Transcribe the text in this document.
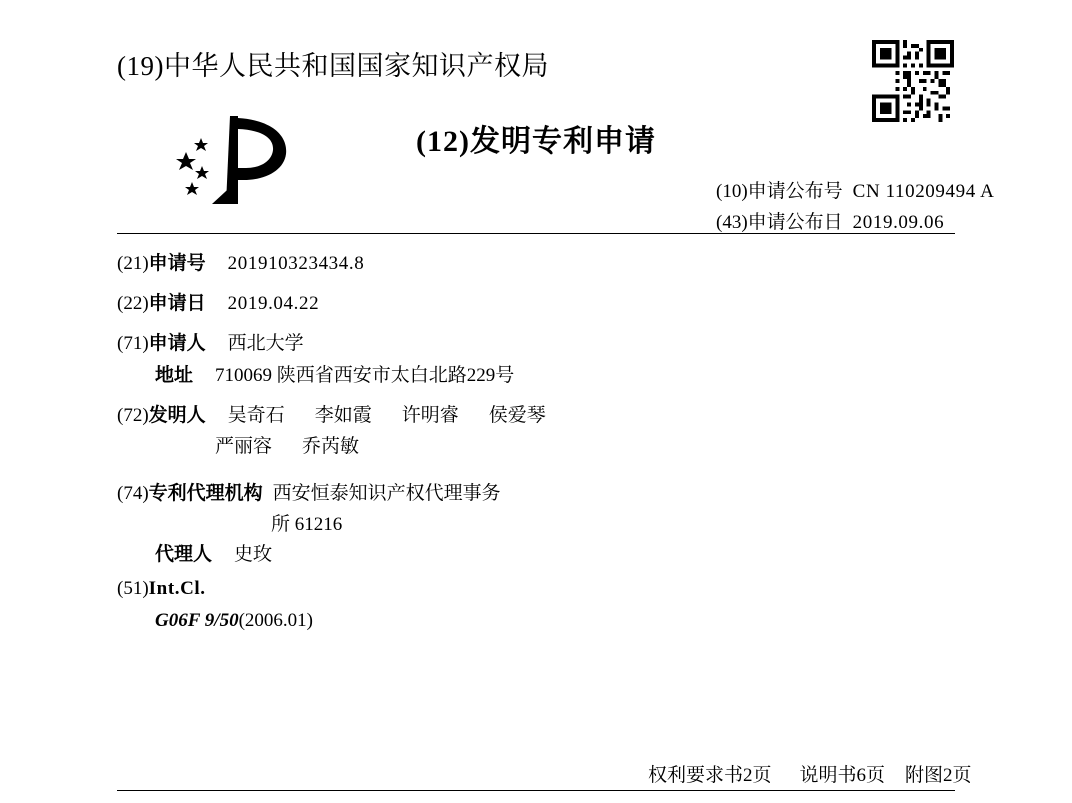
(19)中华人民共和国国家知识产权局
(12)发明专利申请
(10)申请公布号 CN 110209494 A
(43)申请公布日 2019.09.06
(21)申请号 201910323434.8
(22)申请日 2019.04.22
(71)申请人 西北大学
地址 710069 陕西省西安市太白北路229号
(72)发明人 吴奇石 李如霞 许明睿 侯爱琴
严丽容 乔芮敏
(74)专利代理机构 西安恒泰知识产权代理事务
所 61216
代理人 史玫
(51)Int.Cl.
G06F 9/50(2006.01)
权利要求书2页 说明书6页 附图2页
